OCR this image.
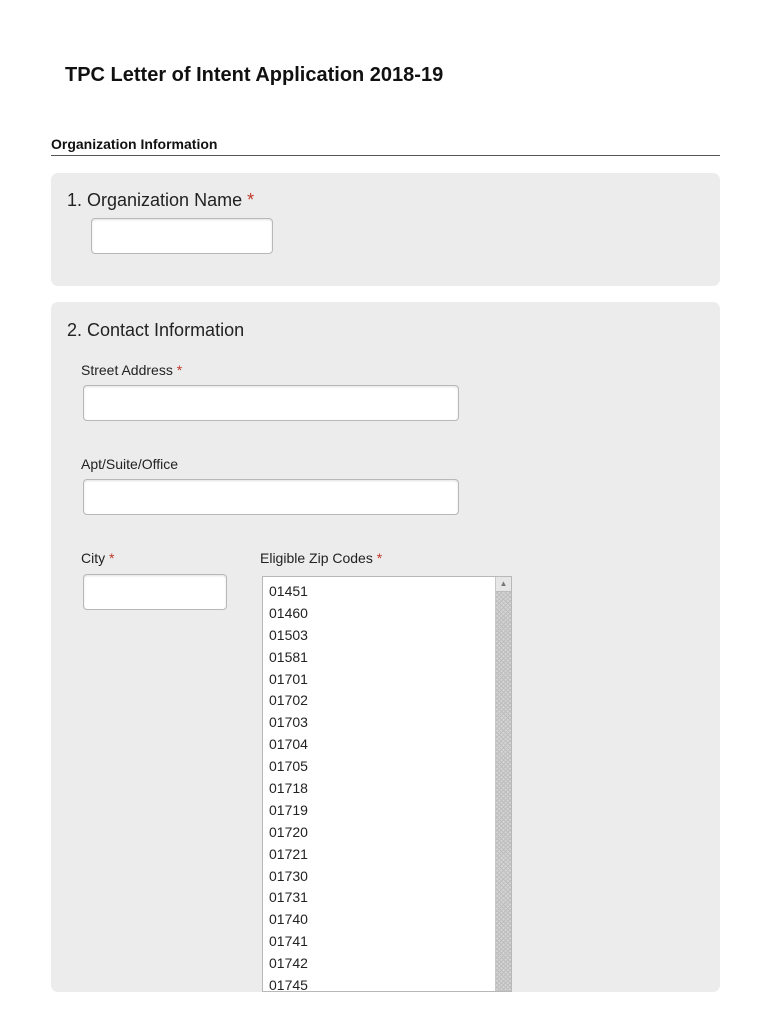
TPC Letter of Intent Application 2018-19
Organization Information
1. Organization Name *
2. Contact Information
Street Address *
Apt/Suite/Office
City *	Eligible Zip Codes *
01451
01460
01503
01581
01701
01702
01703
01704
01705
01718
01719
01720
01721
01730
01731
01740
01741
01742
01745
▲
